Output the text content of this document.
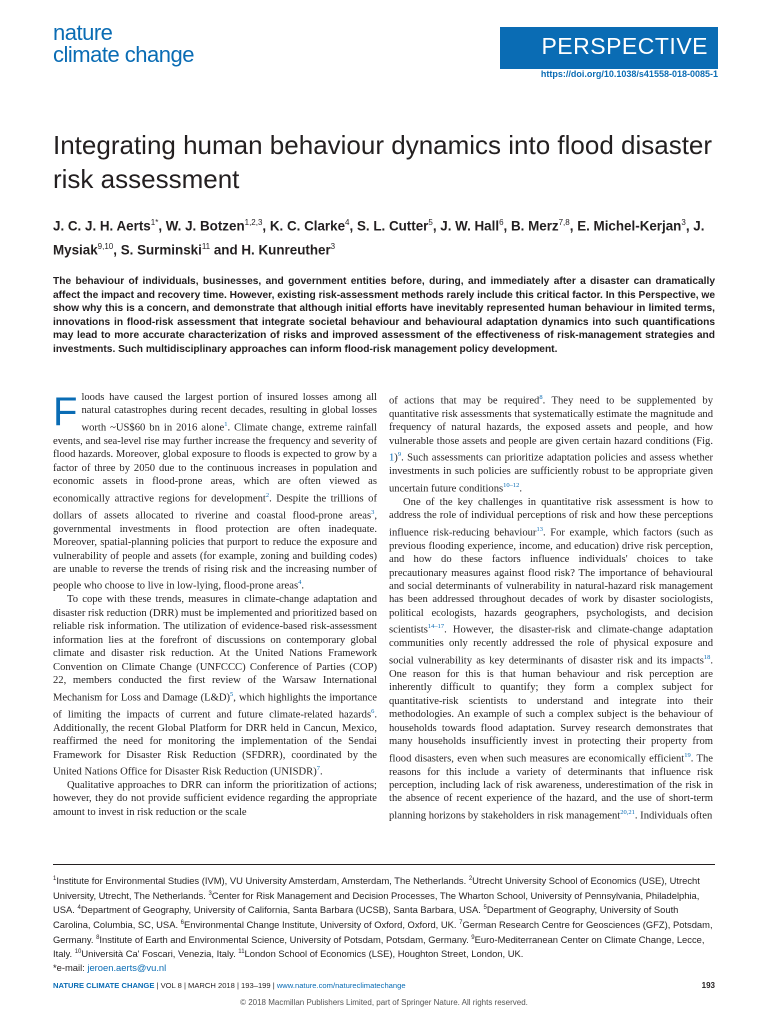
nature
climate change	PERSPECTIVE
https://doi.org/10.1038/s41558-018-0085-1
Integrating human behaviour dynamics into flood disaster risk assessment
J. C. J. H. Aerts$^{1*}$, W. J. Botzen$^{1,2,3}$, K. C. Clarke$^4$, S. L. Cutter$^5$, J. W. Hall$^6$, B. Merz$^{7,8}$, E. Michel-Kerjan$^3$, J. Mysiak$^{9,10}$, S. Surminski$^{11}$ and H. Kunreuther$^3$

The behaviour of individuals, businesses, and government entities before, during, and immediately after a disaster can dramatically affect the impact and recovery time. However, existing risk-assessment methods rarely include this critical factor. In this Perspective, we show why this is a concern, and demonstrate that although initial efforts have inevitably represented human behaviour in limited terms, innovations in flood-risk assessment that integrate societal behaviour and behavioural adaptation dynamics into such quantifications may lead to more accurate characterization of risks and improved assessment of the effectiveness of risk-management strategies and investments. Such multidisciplinary approaches can inform flood-risk management policy development.

Floods have caused the largest portion of insured losses among all natural catastrophes during recent decades, resulting in global losses worth ~US$60 bn in 2016 alone$^1$. Climate change, extreme rainfall events, and sea-level rise may further increase the frequency and severity of flood hazards. Moreover, global exposure to floods is expected to grow by a factor of three by 2050 due to the continuous increases in population and economic assets in flood-prone areas, which are often viewed as economically attractive regions for development$^2$. Despite the trillions of dollars of assets allocated to riverine and coastal flood-prone areas$^3$, governmental investments in flood protection are often inadequate. Moreover, spatial-planning policies that purport to reduce the exposure and vulnerability of people and assets (for example, zoning and building codes) are unable to reverse the trends of rising risk and the increasing number of people who choose to live in low-lying, flood-prone areas$^4$.

To cope with these trends, measures in climate-change adaptation and disaster risk reduction (DRR) must be implemented and prioritized based on reliable risk information. The utilization of evidence-based risk-assessment information lies at the forefront of discussions on contemporary global climate and disaster risk reduction. At the United Nations Framework Convention on Climate Change (UNFCCC) Conference of Parties (COP) 22, members conducted the first review of the Warsaw International Mechanism for Loss and Damage (L&D)$^5$, which highlights the importance of limiting the impacts of current and future climate-related hazards$^6$. Additionally, the recent Global Platform for DRR held in Cancun, Mexico, reaffirmed the need for monitoring the implementation of the Sendai Framework for Disaster Risk Reduction (SFDRR), coordinated by the United Nations Office for Disaster Risk Reduction (UNISDR)$^7$.

Qualitative approaches to DRR can inform the prioritization of actions; however, they do not provide sufficient evidence regarding the appropriate amount to invest in risk reduction or the scale

of actions that may be required$^8$. They need to be supplemented by quantitative risk assessments that systematically estimate the magnitude and frequency of natural hazards, the exposed assets and people, and how vulnerable those assets and people are given certain hazard conditions (Fig. 1)$^9$. Such assessments can prioritize adaptation policies and assess whether investments in such policies are sufficiently robust to be appropriate given uncertain future conditions$^{10-12}$.

One of the key challenges in quantitative risk assessment is how to address the role of individual perceptions of risk and how these perceptions influence risk-reducing behaviour$^{13}$. For example, which factors (such as previous flooding experience, income, and education) drive risk perception, and how do these factors influence individuals' choices to take precautionary measures against flood risk? The importance of behavioural and social determinants of vulnerability in natural-hazard risk management has been addressed throughout decades of work by disaster sociologists, political ecologists, hazards geographers, psychologists, and decision scientists$^{14-17}$. However, the disaster-risk and climate-change adaptation communities only recently addressed the role of physical exposure and social vulnerability as key determinants of disaster risk and its impacts$^{18}$. One reason for this is that human behaviour and risk perception are inherently difficult to quantify; they form a complex subject for quantitative-risk scientists to understand and integrate into their methodologies. An example of such a complex subject is the behaviour of households towards flood adaptation. Survey research demonstrates that many households insufficiently invest in protecting their property from flood disasters, even when such measures are economically efficient$^{19}$. The reasons for this include a variety of determinants that influence risk perception, including lack of risk awareness, underestimation of the risk in the absence of recent experience of the hazard, and the use of short-term planning horizons by stakeholders in risk management$^{20,21}$. Individuals often

$^1$Institute for Environmental Studies (IVM), VU University Amsterdam, Amsterdam, The Netherlands. $^2$Utrecht University School of Economics (USE), Utrecht University, Utrecht, The Netherlands. $^3$Center for Risk Management and Decision Processes, The Wharton School, University of Pennsylvania, Philadelphia, USA. $^4$Department of Geography, University of California, Santa Barbara (UCSB), Santa Barbara, USA. $^5$Department of Geography, University of South Carolina, Columbia, SC, USA. $^6$Environmental Change Institute, University of Oxford, Oxford, UK. $^7$German Research Centre for Geosciences (GFZ), Potsdam, Germany. $^8$Institute of Earth and Environmental Science, University of Potsdam, Potsdam, Germany. $^9$Euro-Mediterranean Center on Climate Change, Lecce, Italy. $^{10}$Università Ca' Foscari, Venezia, Italy. $^{11}$London School of Economics (LSE), Houghton Street, London, UK.
*e-mail: jeroen.aerts@vu.nl
NATURE CLIMATE CHANGE | VOL 8 | MARCH 2018 | 193–199 | www.nature.com/natureclimatechange	193
© 2018 Macmillan Publishers Limited, part of Springer Nature. All rights reserved.
